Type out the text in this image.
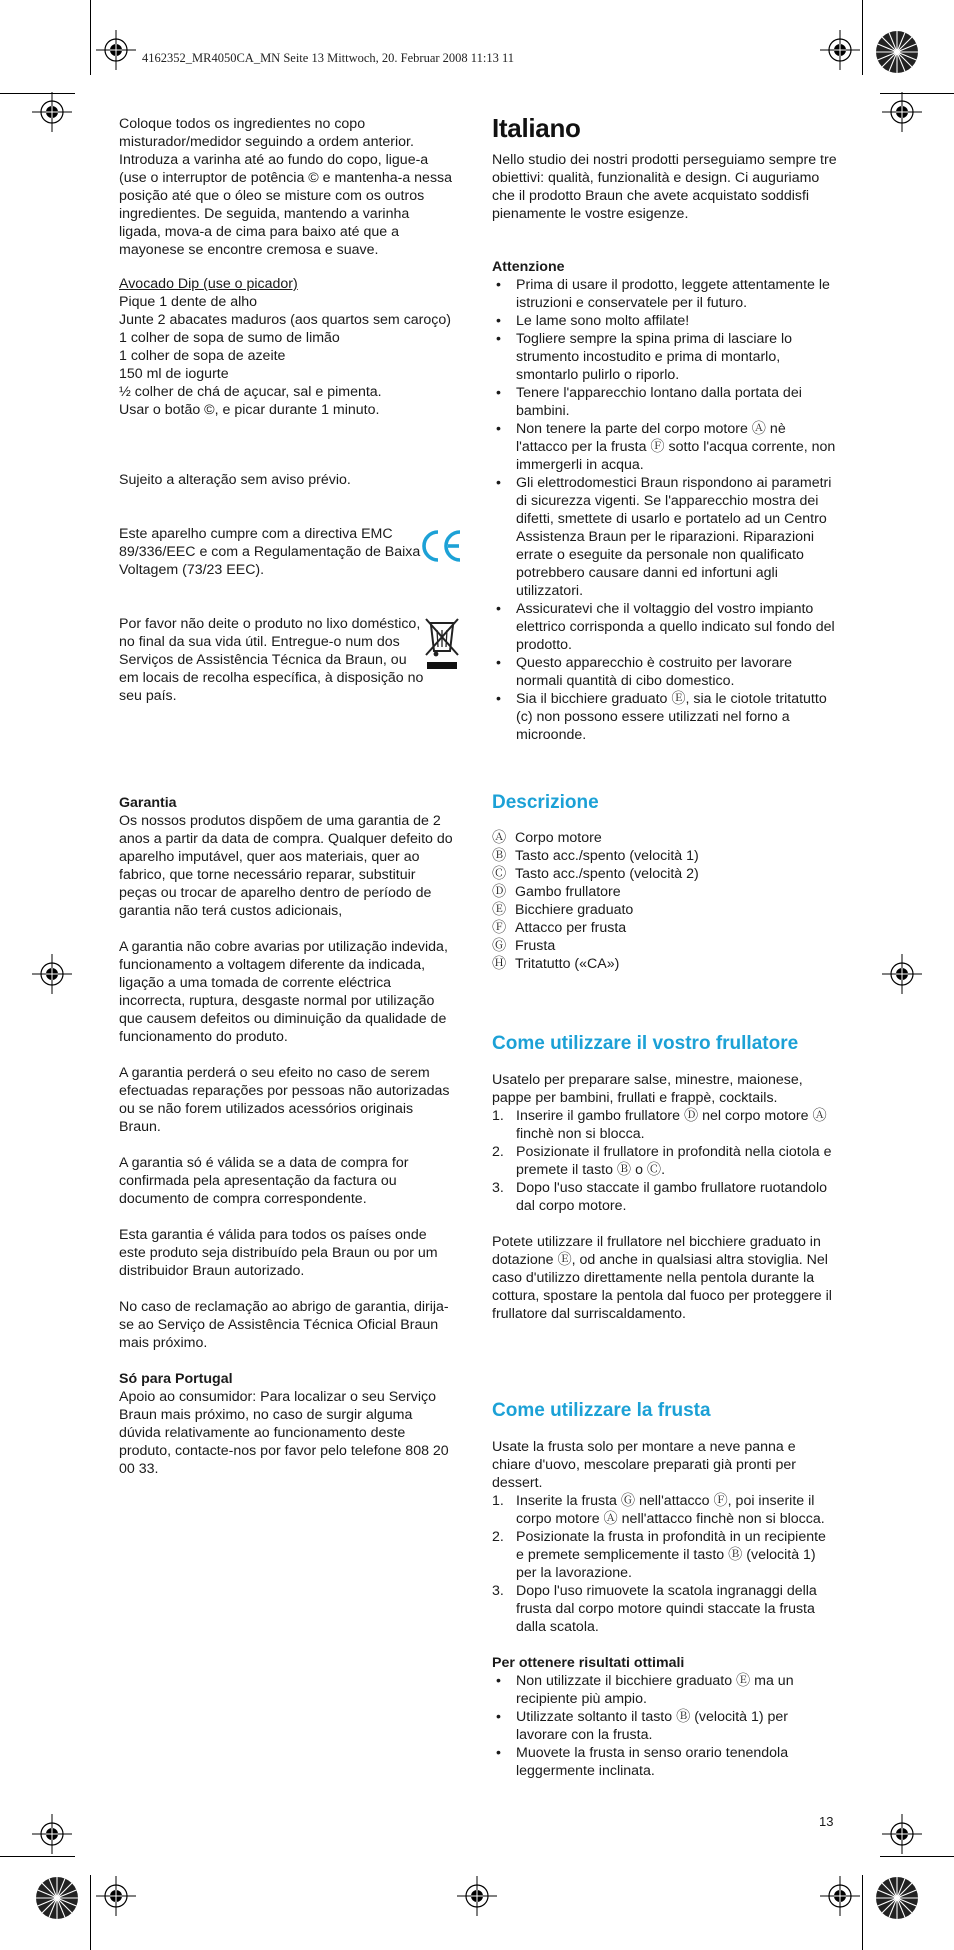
4162352_MR4050CA_MN Seite 13 Mittwoch, 20. Februar 2008 11:13 11

Coloque todos os ingredientes no copo misturador/medidor seguindo a ordem anterior. Introduza a varinha até ao fundo do copo, ligue-a (use o interruptor de potência © e mantenha-a nessa posição até que o óleo se misture com os outros ingredientes. De seguida, mantendo a varinha ligada, mova-a de cima para baixo até que a mayonese se encontre cremosa e suave.

Avocado Dip (use o picador)

Pique 1 dente de alho

Junte 2 abacates maduros (aos quartos sem caroço)

1 colher de sopa de sumo de limão

1 colher de sopa de azeite

150 ml de iogurte

½ colher de chá de açucar, sal e pimenta.

Usar o botão ©, e picar durante 1 minuto.

Sujeito a alteração sem aviso prévio.

Este aparelho cumpre com a directiva EMC 89/336/EEC e com a Regulamentação de Baixa Voltagem (73/23 EEC).

Por favor não deite o produto no lixo doméstico, no final da sua vida útil. Entregue-o num dos Serviços de Assistência Técnica da Braun, ou em locais de recolha específica, à disposição no seu país.

Garantia

Os nossos produtos dispõem de uma garantia de 2 anos a partir da data de compra. Qualquer defeito do aparelho imputável, quer aos materiais, quer ao fabrico, que torne necessário reparar, substituir peças ou trocar de aparelho dentro de período de garantia não terá custos adicionais,

A garantia não cobre avarias por utilização indevida, funcionamento a voltagem diferente da indicada, ligação a uma tomada de corrente eléctrica incorrecta, ruptura, desgaste normal por utilização que causem defeitos ou diminuição da qualidade de funcionamento do produto.

A garantia perderá o seu efeito no caso de serem efectuadas reparações por pessoas não autorizadas ou se não forem utilizados acessórios originais Braun.

A garantia só é válida se a data de compra for confirmada pela apresentação da factura ou documento de compra correspondente.

Esta garantia é válida para todos os países onde este produto seja distribuído pela Braun ou por um distribuidor Braun autorizado.

No caso de reclamação ao abrigo de garantia, dirija-se ao Serviço de Assistência Técnica Oficial Braun mais próximo.

Só para Portugal

Apoio ao consumidor: Para localizar o seu Serviço Braun mais próximo, no caso de surgir alguma dúvida relativamente ao funcionamento deste produto, contacte-nos por favor pelo telefone 808 20 00 33.

Italiano

Nello studio dei nostri prodotti perseguiamo sempre tre obiettivi: qualità, funzionalità e design. Ci auguriamo che il prodotto Braun che avete acquistato soddisfi pienamente le vostre esigenze.

Attenzione

• Prima di usare il prodotto, leggete attentamente le istruzioni e conservatele per il futuro.
• Le lame sono molto affilate!
• Togliere sempre la spina prima di lasciare lo strumento incostudito e prima di montarlo, smontarlo pulirlo o riporlo.
• Tenere l'apparecchio lontano dalla portata dei bambini.
• Non tenere la parte del corpo motore Ⓐ nè l'attacco per la frusta Ⓕ sotto l'acqua corrente, non immergerli in acqua.
• Gli elettrodomestici Braun rispondono ai parametri di sicurezza vigenti. Se l'apparecchio mostra dei difetti, smettete di usarlo e portatelo ad un Centro Assistenza Braun per le riparazioni. Riparazioni errate o eseguite da personale non qualificato potrebbero causare danni ed infortuni agli utilizzatori.
• Assicuratevi che il voltaggio del vostro impianto elettrico corrisponda a quello indicato sul fondo del prodotto.
• Questo apparecchio è costruito per lavorare normali quantità di cibo domestico.
• Sia il bicchiere graduato Ⓔ, sia le ciotole tritatutto (c) non possono essere utilizzati nel forno a microonde.
Descrizione
Ⓐ Corpo motore
Ⓑ Tasto acc./spento (velocità 1)
Ⓒ Tasto acc./spento (velocità 2)
Ⓓ Gambo frullatore
Ⓔ Bicchiere graduato
Ⓕ Attacco per frusta
Ⓖ Frusta
Ⓗ Tritatutto («CA»)
Come utilizzare il vostro frullatore

Usatelo per preparare salse, minestre, maionese, pappe per bambini, frullati e frappè, cocktails.

1. Inserire il gambo frullatore Ⓓ nel corpo motore Ⓐ finchè non si blocca.
2. Posizionate il frullatore in profondità nella ciotola e premete il tasto Ⓑ o Ⓒ.
3. Dopo l'uso staccate il gambo frullatore ruotandolo dal corpo motore.

Potete utilizzare il frullatore nel bicchiere graduato in dotazione Ⓔ, od anche in qualsiasi altra stoviglia. Nel caso d'utilizzo direttamente nella pentola durante la cottura, spostare la pentola dal fuoco per proteggere il frullatore dal surriscaldamento.

Come utilizzare la frusta

Usate la frusta solo per montare a neve panna e chiare d'uovo, mescolare preparati già pronti per dessert.

1. Inserite la frusta Ⓖ nell'attacco Ⓕ, poi inserite il corpo motore Ⓐ nell'attacco finchè non si blocca.
2. Posizionate la frusta in profondità in un recipiente e premete semplicemente il tasto Ⓑ (velocità 1) per la lavorazione.
3. Dopo l'uso rimuovete la scatola ingranaggi della frusta dal corpo motore quindi staccate la frusta dalla scatola.

Per ottenere risultati ottimali

• Non utilizzate il bicchiere graduato Ⓔ ma un recipiente più ampio.
• Utilizzate soltanto il tasto Ⓑ (velocità 1) per lavorare con la frusta.
• Muovete la frusta in senso orario tenendola leggermente inclinata.
13
